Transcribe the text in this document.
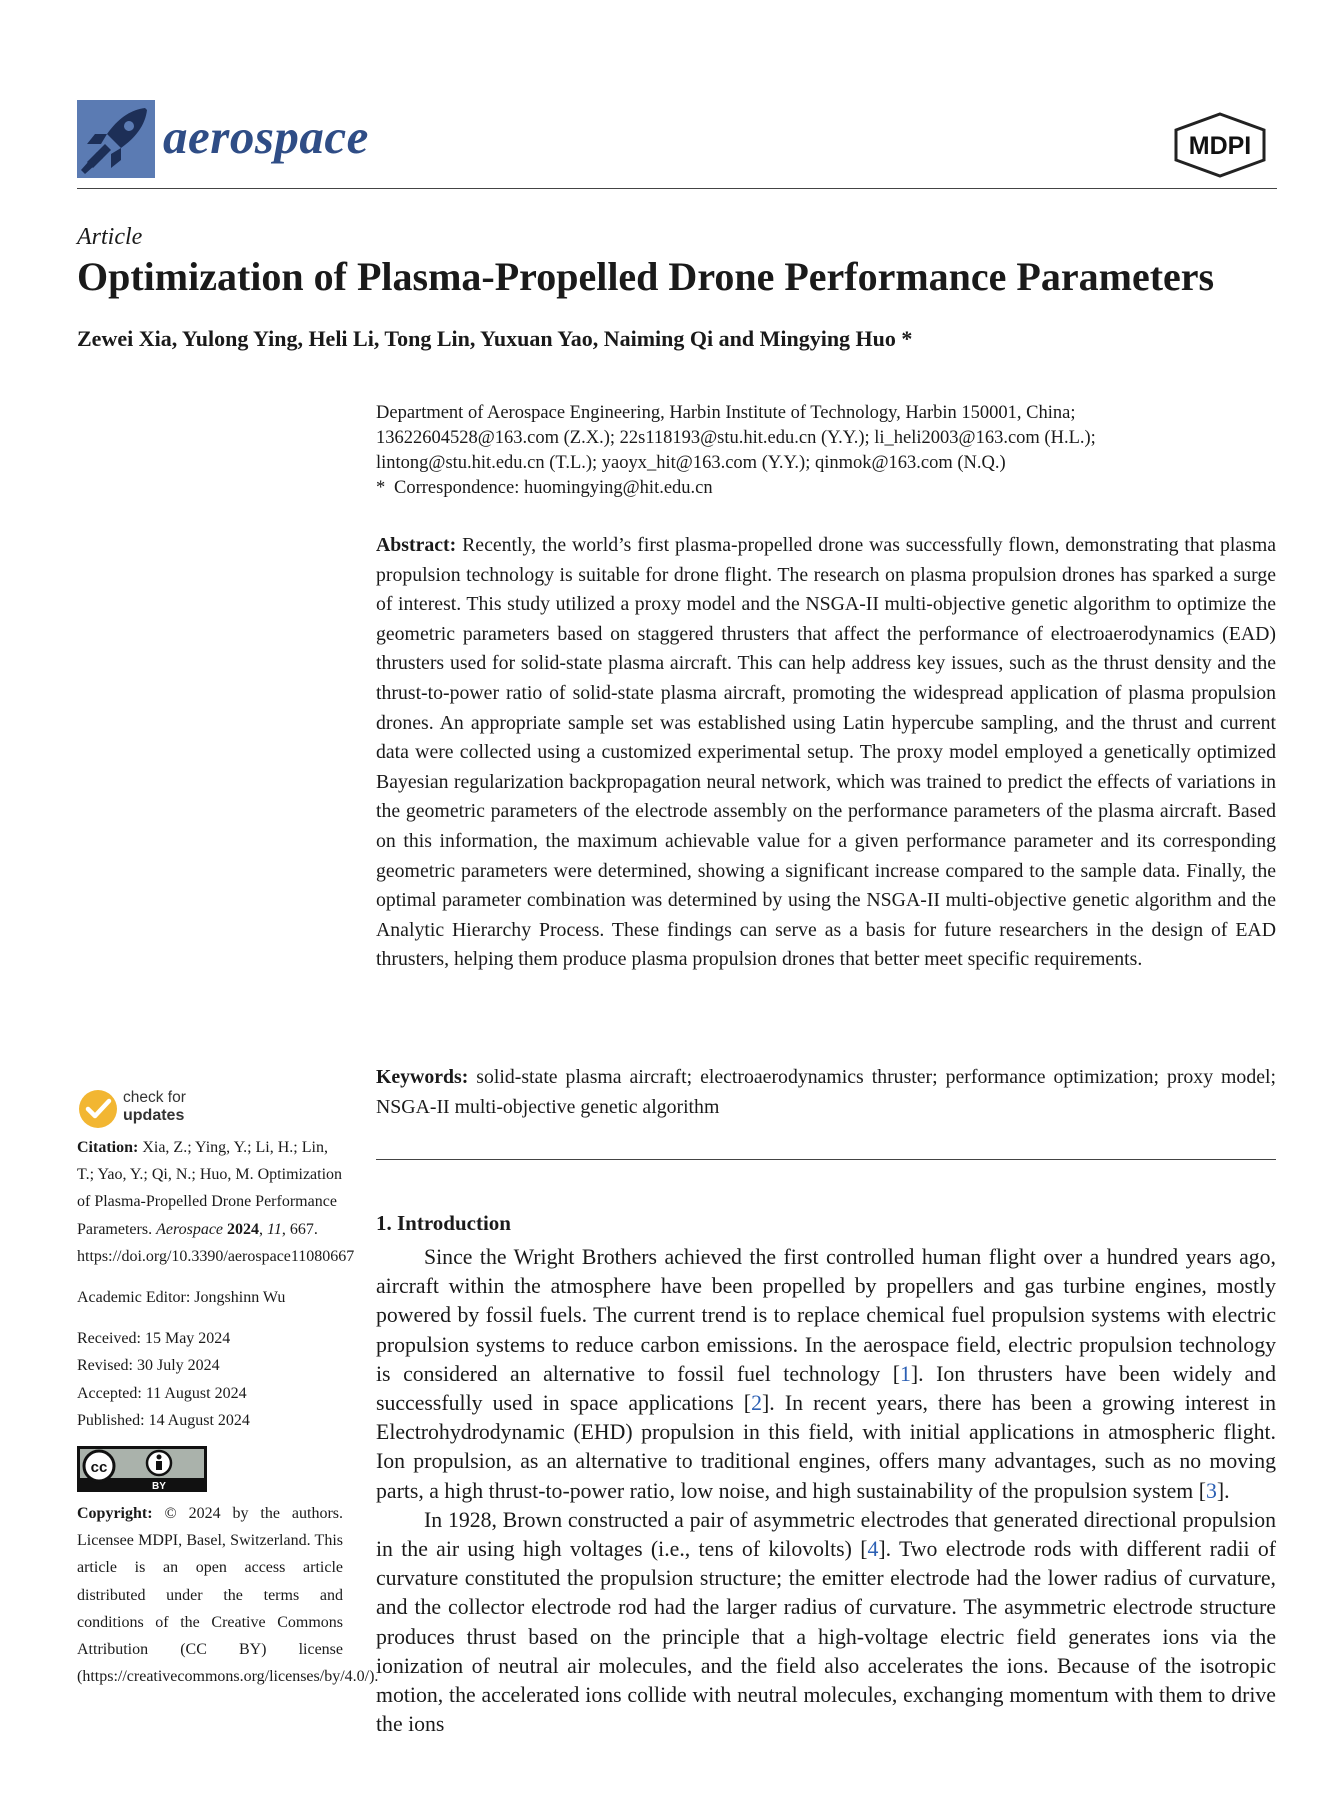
aerospace	MDPI
Article
Optimization of Plasma-Propelled Drone Performance Parameters
Zewei Xia, Yulong Ying, Heli Li, Tong Lin, Yuxuan Yao, Naiming Qi and Mingying Huo *
Department of Aerospace Engineering, Harbin Institute of Technology, Harbin 150001, China;
13622604528@163.com (Z.X.); 22s118193@stu.hit.edu.cn (Y.Y.); li_heli2003@163.com (H.L.);
lintong@stu.hit.edu.cn (T.L.); yaoyx_hit@163.com (Y.Y.); qinmok@163.com (N.Q.)
* Correspondence: huomingying@hit.edu.cn
Abstract: Recently, the world’s first plasma-propelled drone was successfully flown, demonstrating that plasma propulsion technology is suitable for drone flight. The research on plasma propulsion drones has sparked a surge of interest. This study utilized a proxy model and the NSGA-II multi-objective genetic algorithm to optimize the geometric parameters based on staggered thrusters that affect the performance of electroaerodynamics (EAD) thrusters used for solid-state plasma aircraft. This can help address key issues, such as the thrust density and the thrust-to-power ratio of solid-state plasma aircraft, promoting the widespread application of plasma propulsion drones. An appropriate sample set was established using Latin hypercube sampling, and the thrust and current data were collected using a customized experimental setup. The proxy model employed a genetically optimized Bayesian regularization backpropagation neural network, which was trained to predict the effects of variations in the geometric parameters of the electrode assembly on the performance parameters of the plasma aircraft. Based on this information, the maximum achievable value for a given performance parameter and its corresponding geometric parameters were determined, showing a significant increase compared to the sample data. Finally, the optimal parameter combination was determined by using the NSGA-II multi-objective genetic algorithm and the Analytic Hierarchy Process. These findings can serve as a basis for future researchers in the design of EAD thrusters, helping them produce plasma propulsion drones that better meet specific requirements.
Keywords: solid-state plasma aircraft; electroaerodynamics thruster; performance optimization; proxy model; NSGA-II multi-objective genetic algorithm
1. Introduction

Since the Wright Brothers achieved the first controlled human flight over a hundred years ago, aircraft within the atmosphere have been propelled by propellers and gas turbine engines, mostly powered by fossil fuels. The current trend is to replace chemical fuel propulsion systems with electric propulsion systems to reduce carbon emissions. In the aerospace field, electric propulsion technology is considered an alternative to fossil fuel technology [1]. Ion thrusters have been widely and successfully used in space applications [2]. In recent years, there has been a growing interest in Electrohydrodynamic (EHD) propulsion in this field, with initial applications in atmospheric flight. Ion propulsion, as an alternative to traditional engines, offers many advantages, such as no moving parts, a high thrust-to-power ratio, low noise, and high sustainability of the propulsion system [3].

In 1928, Brown constructed a pair of asymmetric electrodes that generated directional propulsion in the air using high voltages (i.e., tens of kilovolts) [4]. Two electrode rods with different radii of curvature constituted the propulsion structure; the emitter electrode had the lower radius of curvature, and the collector electrode rod had the larger radius of curvature. The asymmetric electrode structure produces thrust based on the principle that a high-voltage electric field generates ions via the ionization of neutral air molecules, and the field also accelerates the ions. Because of the isotropic motion, the accelerated ions collide with neutral molecules, exchanging momentum with them to drive the ions

check for
updates
Citation: Xia, Z.; Ying, Y.; Li, H.; Lin, T.; Yao, Y.; Qi, N.; Huo, M. Optimization of Plasma-Propelled Drone Performance Parameters. Aerospace 2024, 11, 667. https://doi.org/10.3390/aerospace11080667
Academic Editor: Jongshinn Wu
Received: 15 May 2024
Revised: 30 July 2024
Accepted: 11 August 2024
Published: 14 August 2024
cc
BY
Copyright: © 2024 by the authors. Licensee MDPI, Basel, Switzerland. This article is an open access article distributed under the terms and conditions of the Creative Commons Attribution (CC BY) license (https://creativecommons.org/licenses/by/4.0/).
